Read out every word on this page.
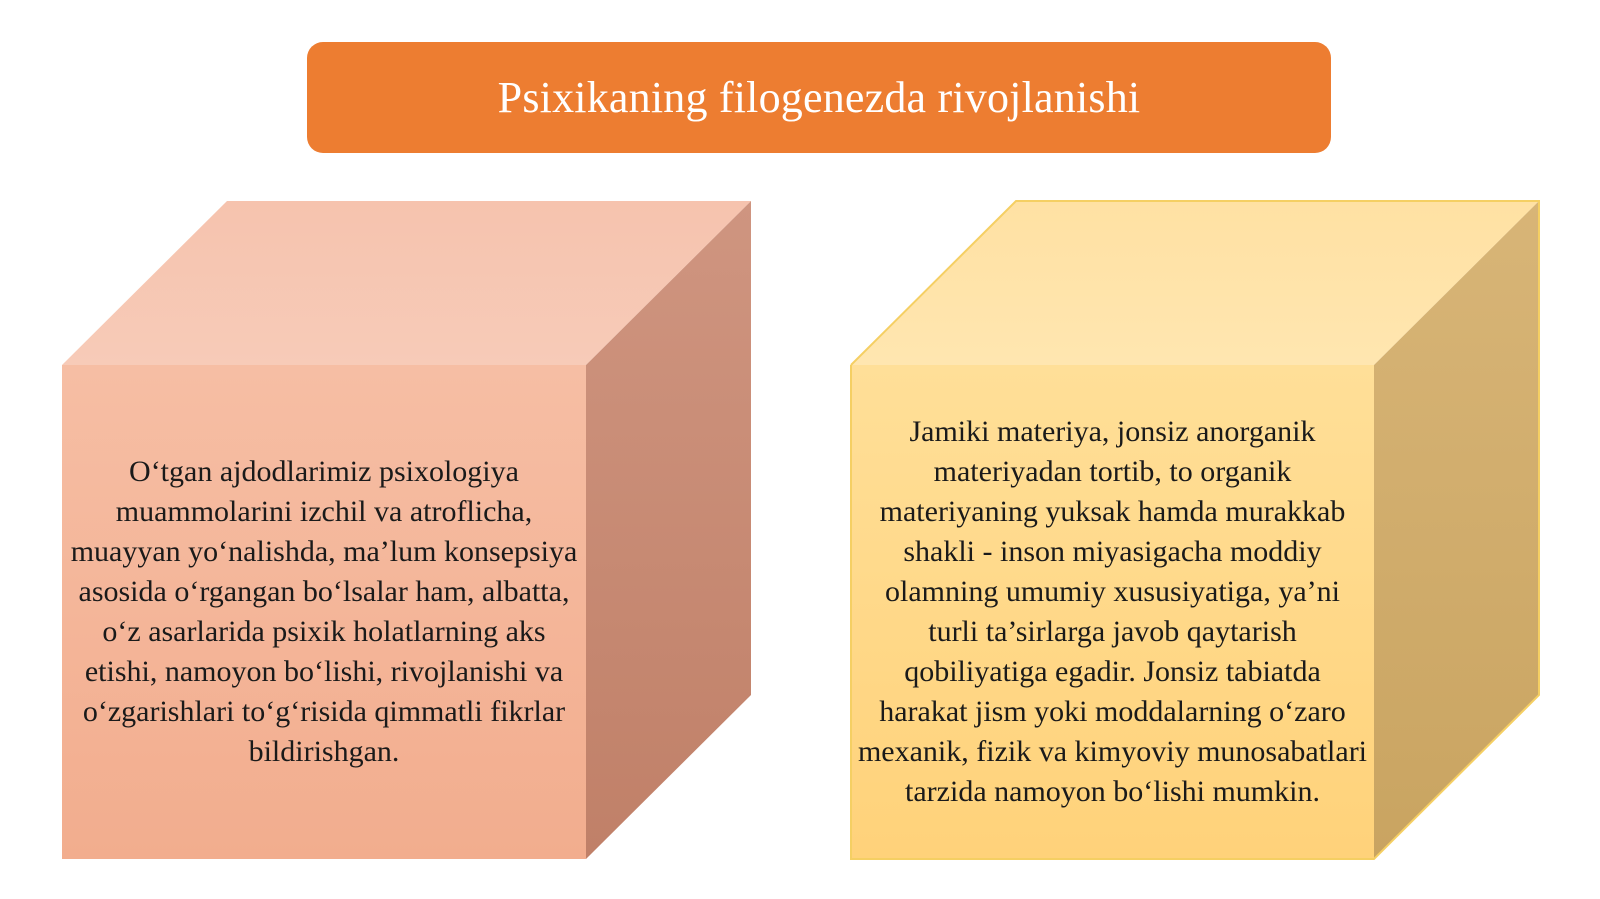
Psixikaning filogenezda rivojlanishi
O‘tgan ajdodlarimiz psixologiya muammolarini izchil va atroflicha, muayyan yo‘nalishda, ma’lum konsepsiya asosida o‘rgangan bo‘lsalar ham, albatta, o‘z asarlarida psixik holatlarning aks etishi, namoyon bo‘lishi, rivojlanishi va o‘zgarishlari to‘g‘risida qimmatli fikrlar bildirishgan.
Jamiki materiya, jonsiz anorganik materiyadan tortib, to organik materiyaning yuksak hamda murakkab shakli - inson miyasigacha moddiy olamning umumiy xususiyatiga, ya’ni turli ta’sirlarga javob qaytarish qobiliyatiga egadir. Jonsiz tabiatda harakat jism yoki moddalarning o‘zaro mexanik, fizik va kimyoviy munosabatlari tarzida namoyon bo‘lishi mumkin.
